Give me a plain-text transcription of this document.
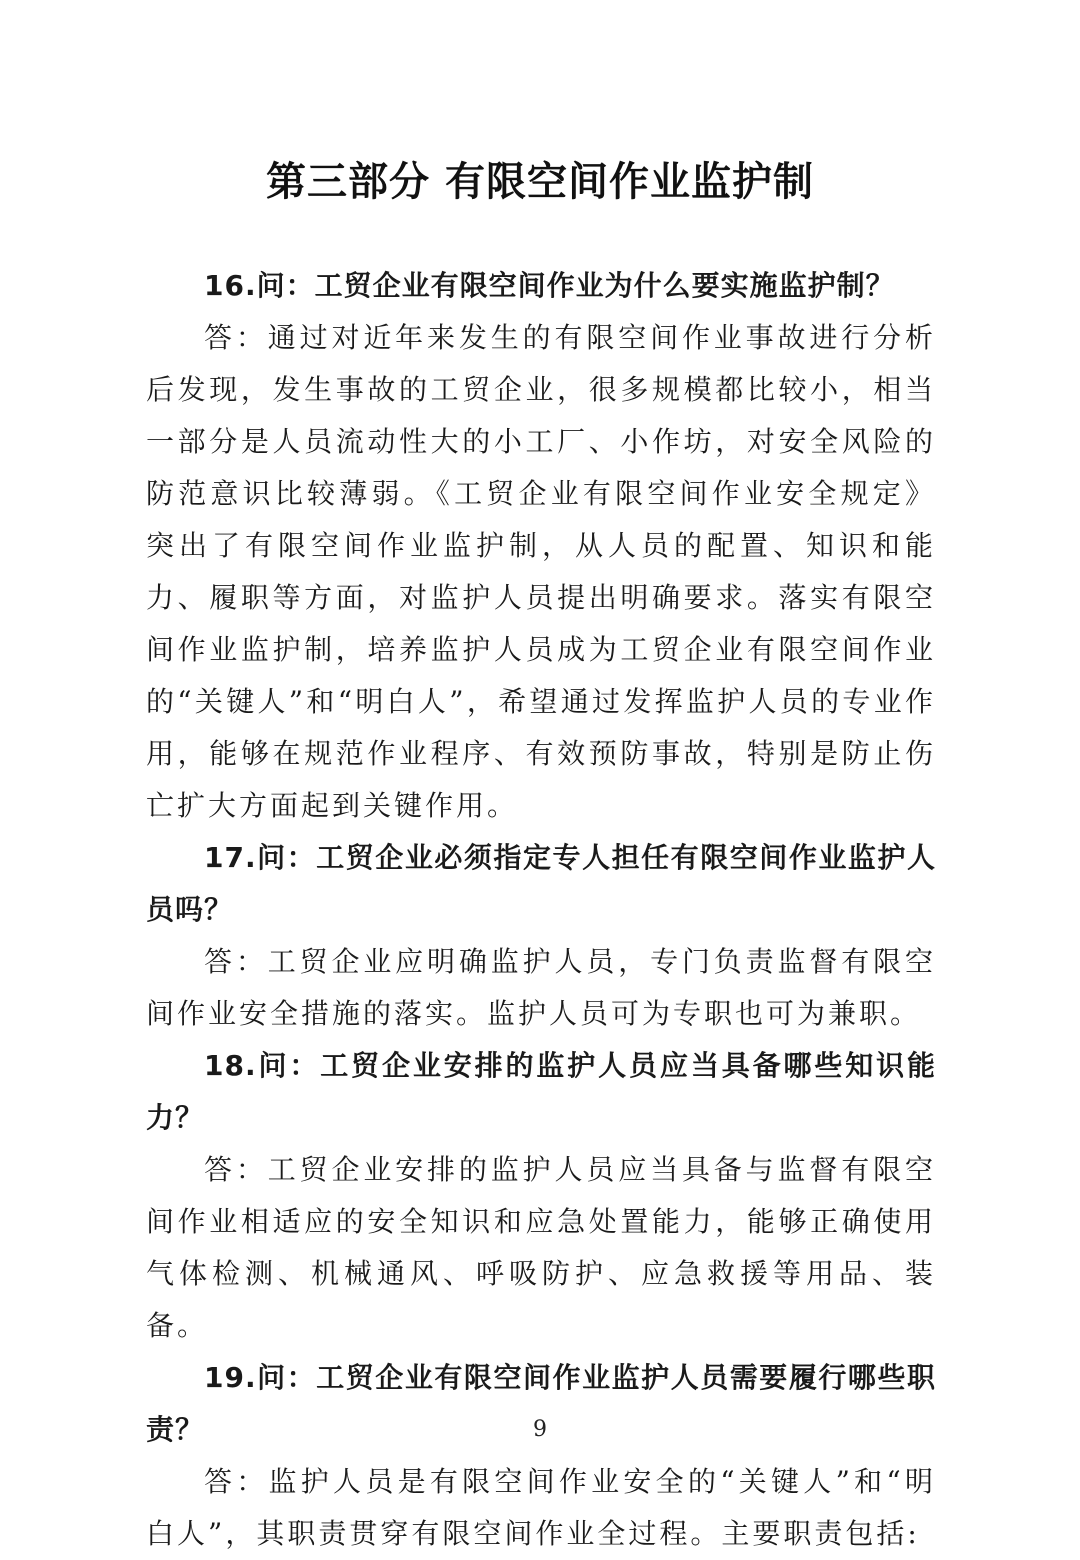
第三部分 有限空间作业监护制

16.问：工贸企业有限空间作业为什么要实施监护制？

答：通过对近年来发生的有限空间作业事故进行分析后发现，发生事故的工贸企业，很多规模都比较小，相当一部分是人员流动性大的小工厂、小作坊，对安全风险的防范意识比较薄弱。《工贸企业有限空间作业安全规定》突出了有限空间作业监护制，从人员的配置、知识和能力、履职等方面，对监护人员提出明确要求。落实有限空间作业监护制，培养监护人员成为工贸企业有限空间作业的“关键人”和“明白人”，希望通过发挥监护人员的专业作用，能够在规范作业程序、有效预防事故，特别是防止伤亡扩大方面起到关键作用。

17.问：工贸企业必须指定专人担任有限空间作业监护人员吗？

答：工贸企业应明确监护人员，专门负责监督有限空间作业安全措施的落实。监护人员可为专职也可为兼职。

18.问：工贸企业安排的监护人员应当具备哪些知识能力？

答：工贸企业安排的监护人员应当具备与监督有限空间作业相适应的安全知识和应急处置能力，能够正确使用气体检测、机械通风、呼吸防护、应急救援等用品、装备。

19.问：工贸企业有限空间作业监护人员需要履行哪些职责？

答：监护人员是有限空间作业安全的“关键人”和“明白人”，其职责贯穿有限空间作业全过程。主要职责包括:

9
